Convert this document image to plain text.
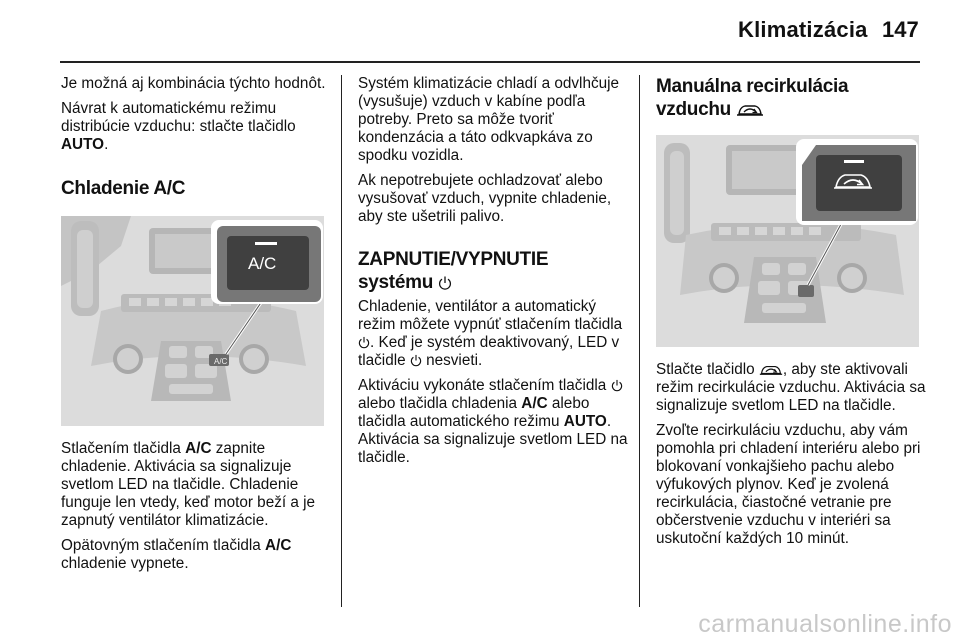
Klimatizácia 147

Je možná aj kombinácia týchto hodnôt.

Návrat k automatickému režimu distribúcie vzduchu: stlačte tlačidlo AUTO.

Chladenie A/C
A/C
A/C

Stlačením tlačidla A/C zapnite chladenie. Aktivácia sa signalizuje svetlom LED na tlačidle. Chladenie funguje len vtedy, keď motor beží a je zapnutý ventilátor klimatizácie.

Opätovným stlačením tlačidla A/C chladenie vypnete.

Systém klimatizácie chladí a odvlhčuje (vysušuje) vzduch v kabíne podľa potreby. Preto sa môže tvoriť kondenzácia a táto odkvapkáva zo spodku vozidla.

Ak nepotrebujete ochladzovať alebo vysušovať vzduch, vypnite chladenie, aby ste ušetrili palivo.

ZAPNUTIE/VYPNUTIE
systému

Chladenie, ventilátor a automatický režim môžete vypnúť stlačením tlačidla . Keď je systém deaktivovaný, LED v tlačidle  nesvieti.

Aktiváciu vykonáte stlačením tlačidla  alebo tlačidla chladenia A/C alebo tlačidla automatického režimu AUTO. Aktivácia sa signalizuje svetlom LED na tlačidle.

Manuálna recirkulácia
vzduchu

Stlačte tlačidlo , aby ste aktivovali režim recirkulácie vzduchu. Aktivácia sa signalizuje svetlom LED na tlačidle.

Zvoľte recirkuláciu vzduchu, aby vám pomohla pri chladení interiéru alebo pri blokovaní vonkajšieho pachu alebo výfukových plynov. Keď je zvolená recirkulácia, čiastočné vetranie pre občerstvenie vzduchu v interiéri sa uskutoční každých 10 minút.

carmanualsonline.info
